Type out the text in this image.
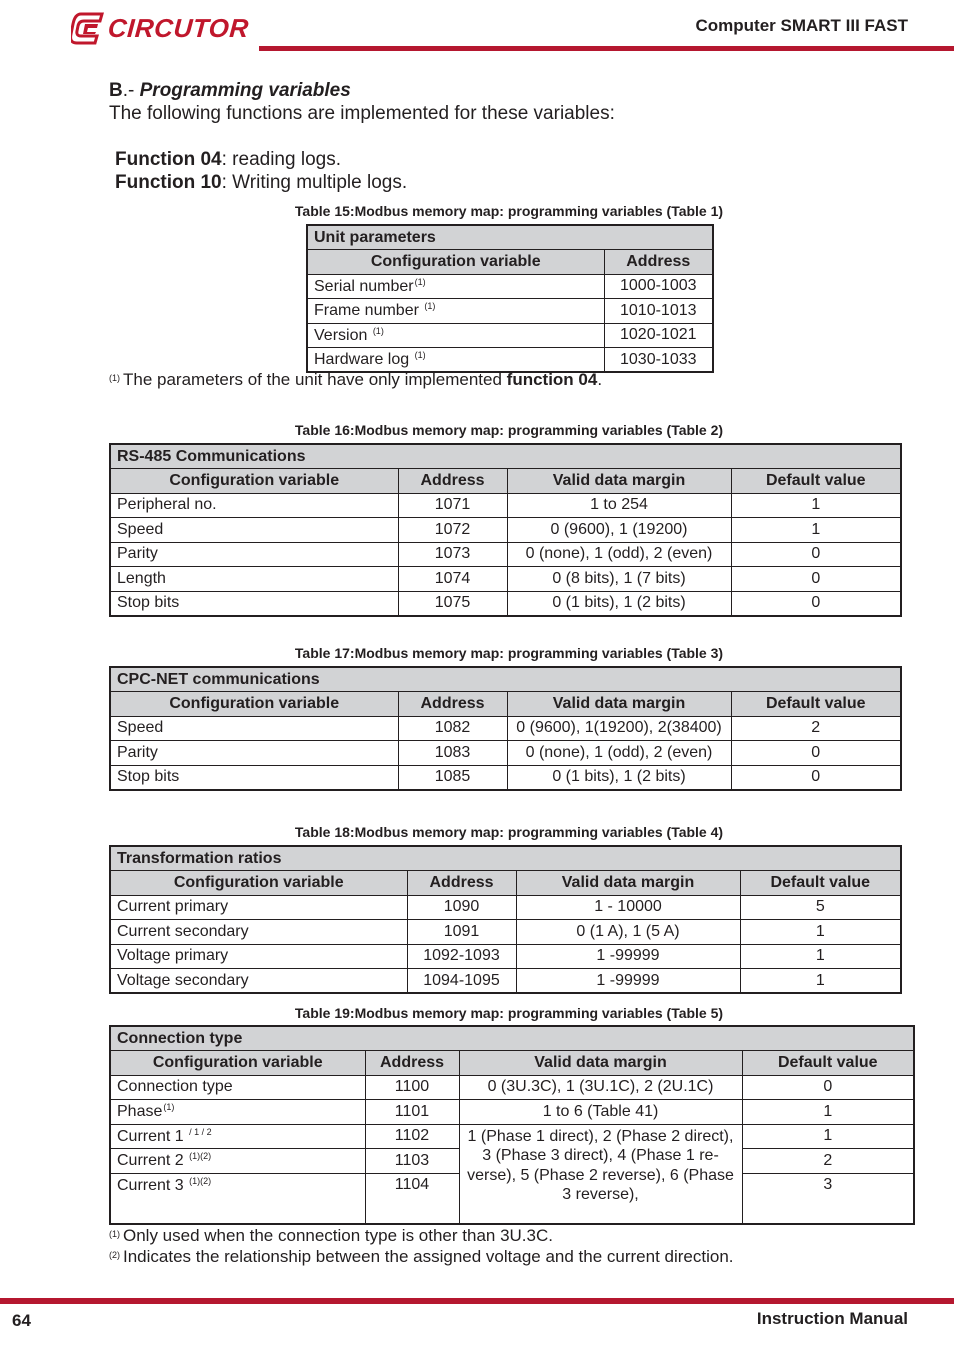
CIRCUTOR	Computer SMART III FAST
B.- Programming variables
The following functions are implemented for these variables:
Function 04: reading logs.
Function 10: Writing multiple logs.
Table 15:Modbus memory map: programming variables (Table 1)
Unit parameters	
Configuration variable	Address
Serial number$^{(1)}$	1000-1003
Frame number $^{(1)}$	1010-1013
Version $^{(1)}$	1020-1021
Hardware log $^{(1)}$	1030-1033
$^{(1)}$ The parameters of the unit have only implemented function 04.
Table 16:Modbus memory map: programming variables (Table 2)
RS-485 Communications			
Configuration variable	Address	Valid data margin	Default value
Peripheral no.	1071	1 to 254	1
Speed	1072	0 (9600), 1 (19200)	1
Parity	1073	0 (none), 1 (odd), 2 (even)	0
Length	1074	0 (8 bits), 1 (7 bits)	0
Stop bits	1075	0 (1 bits), 1 (2 bits)	0
Table 17:Modbus memory map: programming variables (Table 3)
CPC-NET communications			
Configuration variable	Address	Valid data margin	Default value
Speed	1082	0 (9600), 1(19200), 2(38400)	2
Parity	1083	0 (none), 1 (odd), 2 (even)	0
Stop bits	1085	0 (1 bits), 1 (2 bits)	0
Table 18:Modbus memory map: programming variables (Table 4)
Transformation ratios			
Configuration variable	Address	Valid data margin	Default value
Current primary	1090	1 - 10000	5
Current secondary	1091	0 (1 A), 1 (5 A)	1
Voltage primary	1092-1093	1 -99999	1
Voltage secondary	1094-1095	1 -99999	1
Table 19:Modbus memory map: programming variables (Table 5)
Connection type			
Configuration variable	Address	Valid data margin	Default value
Connection type	1100	0 (3U.3C), 1 (3U.1C), 2 (2U.1C)	0
Phase$^{(1)}$	1101	1 to 6 (Table 41)	1
Current 1 $^{/ 1 / 2}$	1102	1 (Phase 1 direct), 2 (Phase 2 direct), 3 (Phase 3 direct), 4 (Phase 1 re-verse), 5 (Phase 2 reverse), 6 (Phase 3 reverse),	1
Current 2 $^{(1)(2)}$	1103		2
Current 3 $^{(1)(2)}$	1104		3
$^{(1)}$ Only used when the connection type is other than 3U.3C.
$^{(2)}$ Indicates the relationship between the assigned voltage and the current direction.
64	Instruction Manual
